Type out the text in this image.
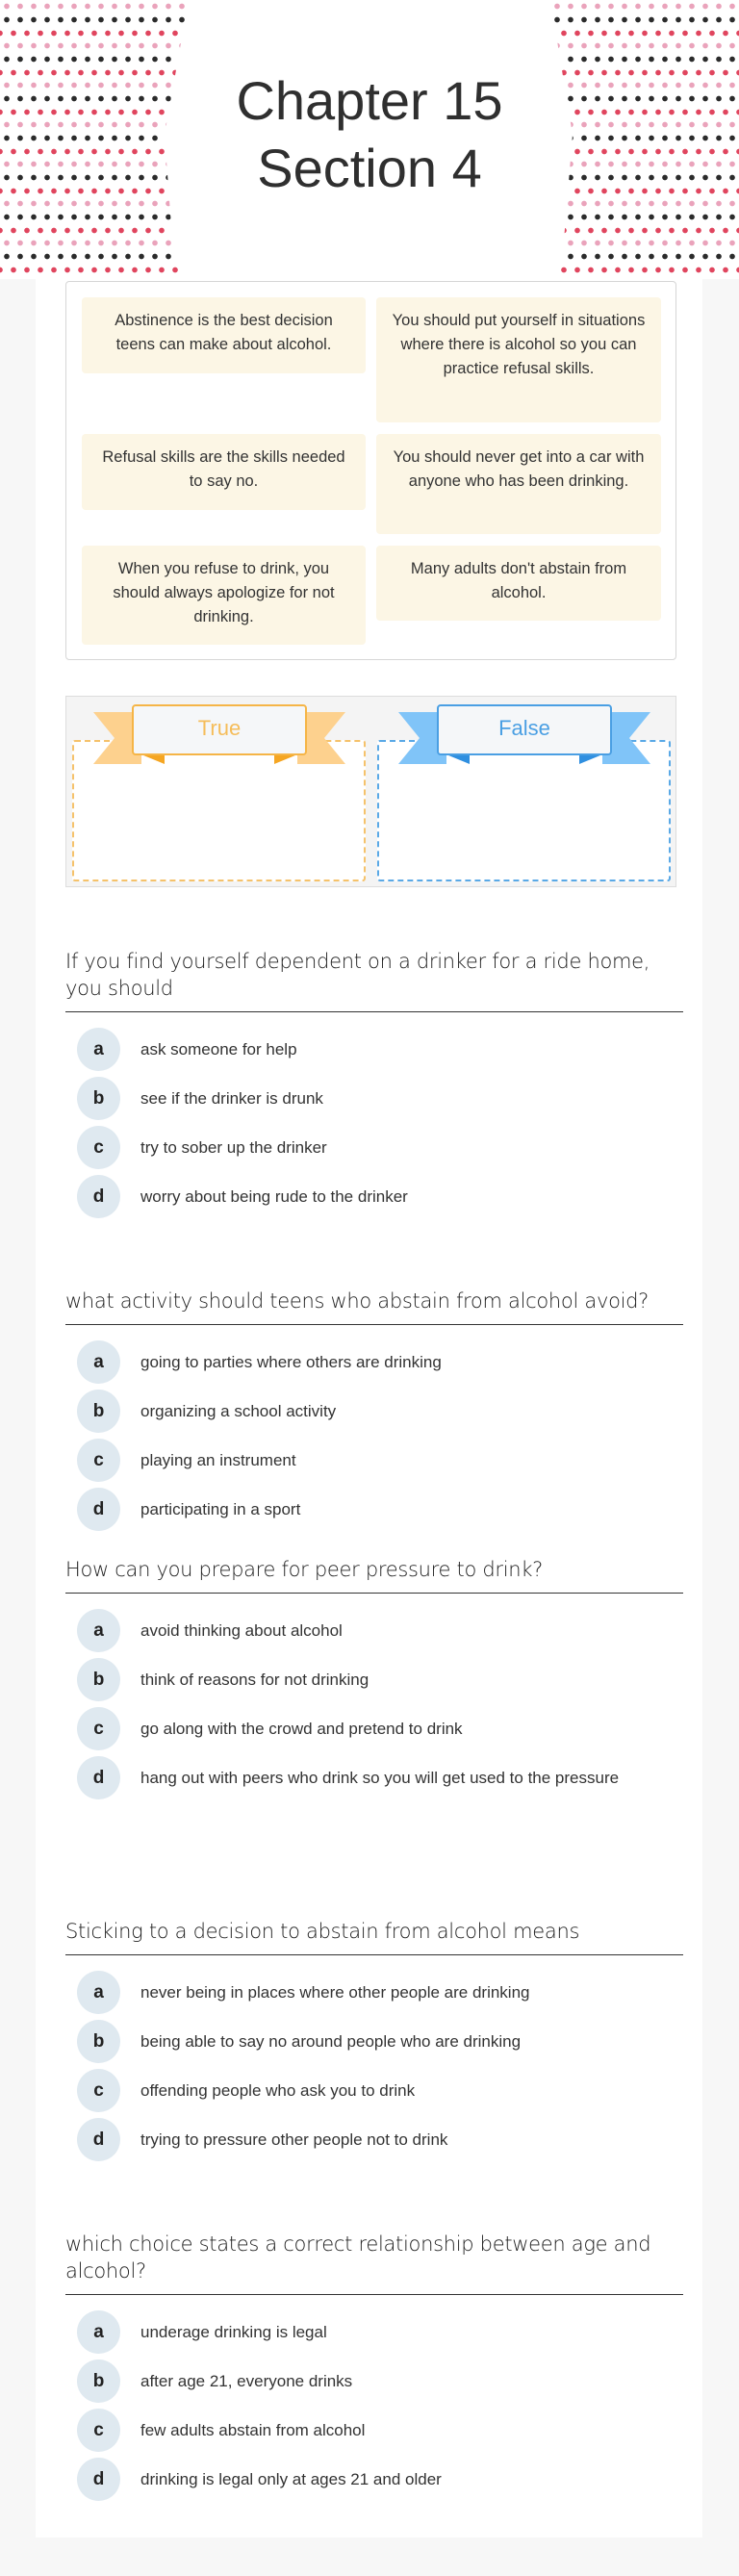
Chapter 15
Section 4
Abstinence is the best decision teens can make about alcohol.
You should put yourself in situations where there is alcohol so you can practice refusal skills.
Refusal skills are the skills needed to say no.
You should never get into a car with anyone who has been drinking.
When you refuse to drink, you should always apologize for not drinking.
Many adults don't abstain from alcohol.
True	False
If you find yourself dependent on a drinker for a ride home, you should
a	ask someone for help
b	see if the drinker is drunk
c	try to sober up the drinker
d	worry about being rude to the drinker
what activity should teens who abstain from alcohol avoid?
a	going to parties where others are drinking
b	organizing a school activity
c	playing an instrument
d	participating in a sport
How can you prepare for peer pressure to drink?
a	avoid thinking about alcohol
b	think of reasons for not drinking
c	go along with the crowd and pretend to drink
d	hang out with peers who drink so you will get used to the pressure
Sticking to a decision to abstain from alcohol means
a	never being in places where other people are drinking
b	being able to say no around people who are drinking
c	offending people who ask you to drink
d	trying to pressure other people not to drink
which choice states a correct relationship between age and alcohol?
a	underage drinking is legal
b	after age 21, everyone drinks
c	few adults abstain from alcohol
d	drinking is legal only at ages 21 and older
